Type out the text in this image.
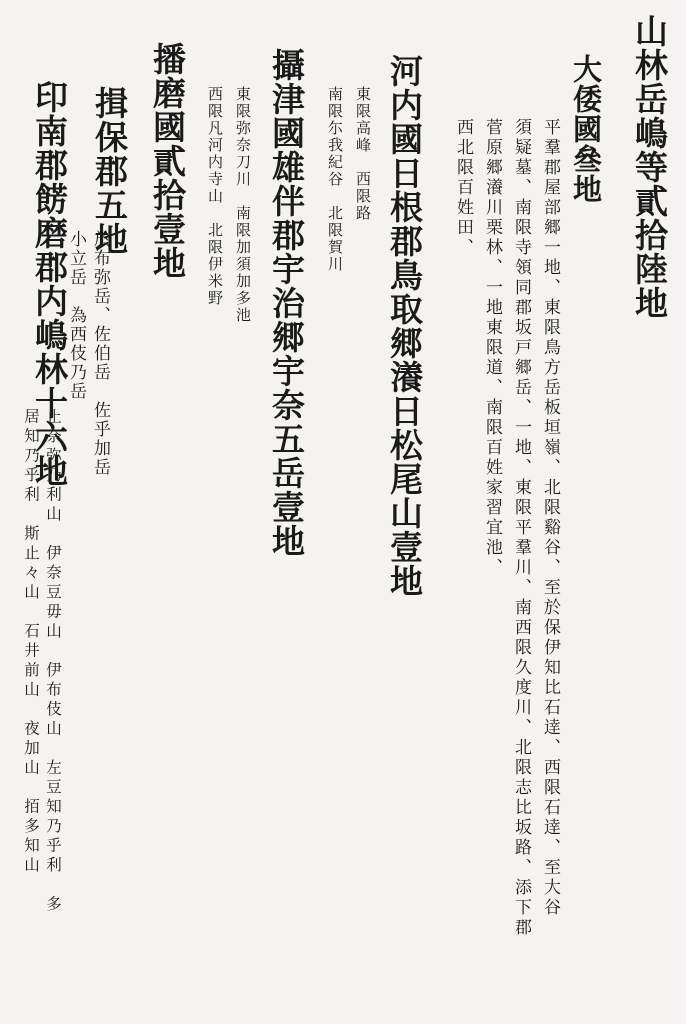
山林岳嶋等貳拾陸地
大倭國叄地
平羣郡屋部郷一地、東限鳥方岳板垣嶺、北限谿谷、至於保伊知比石逹、西限石逹、至大谷
須疑墓、南限寺領同郡坂戸郷岳、一地、東限平羣川、南西限久度川、北限志比坂路、添下郡
菅原郷瀁川栗林、一地東限道、南限百姓家習宜池、
西北限百姓田、
河内國日根郡鳥取郷瀁日松尾山壹地
東限高峰　西限路
南限尓我紀谷　北限賀川
攝津國雄伴郡宇治郷宇奈五岳壹地
東限弥奈刀川　南限加須加多池
西限凡河内寺山　北限伊米野
播磨國貳拾壹地
揖保郡五地
於布弥岳、佐伯岳　佐乎加岳
小立岳　為西伎乃岳
印南郡餝磨郡内嶋林十六地
止奈弥乃利山　伊奈豆毋山　伊布伎山　左豆知乃乎利　多
居知乃乎利　斯止々山　石井前山　夜加山　𢫦多知山
